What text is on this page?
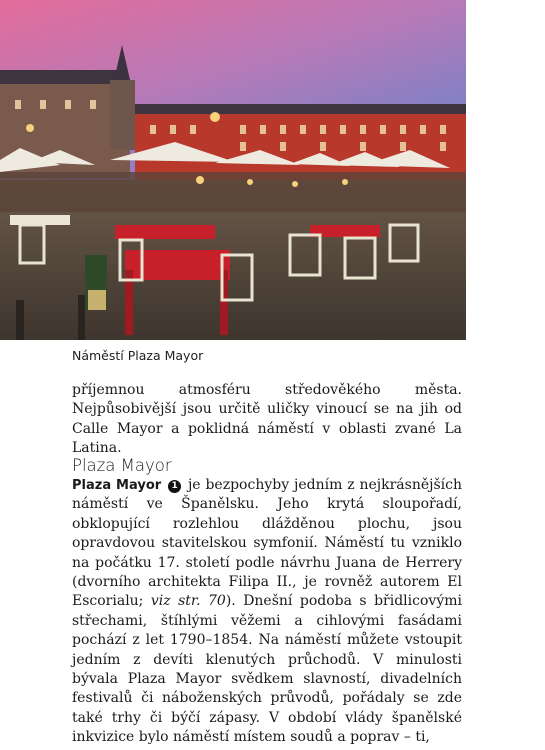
Náměstí Plaza Mayor

příjemnou atmosféru středověkého města. Nejpůsobivější jsou určitě uličky vinoucí se na jih od Calle Mayor a poklidná náměstí v oblasti zvané La Latina.

Plaza Mayor

Plaza Mayor 1 je bezpochyby jedním z nejkrásnějších náměstí ve Španělsku. Jeho krytá sloupořadí, obklopující rozlehlou dlážděnou plochu, jsou opravdovou stavitelskou symfonií. Náměstí tu vzniklo na počátku 17. století podle návrhu Juana de Herrery (dvorního architekta Filipa II., je rovněž autorem El Escorialu; viz str. 70). Dnešní podoba s břidlicovými střechami, štíhlými věžemi a cihlovými fasádami pochází z let 1790–1854. Na náměstí můžete vstoupit jedním z devíti klenutých průchodů. V minulosti bývala Plaza Mayor svědkem slavností, divadelních festivalů či náboženských průvodů, pořádaly se zde také trhy či býčí zápasy. V období vlády španělské inkvizice bylo náměstí místem soudů a poprav – ti,
